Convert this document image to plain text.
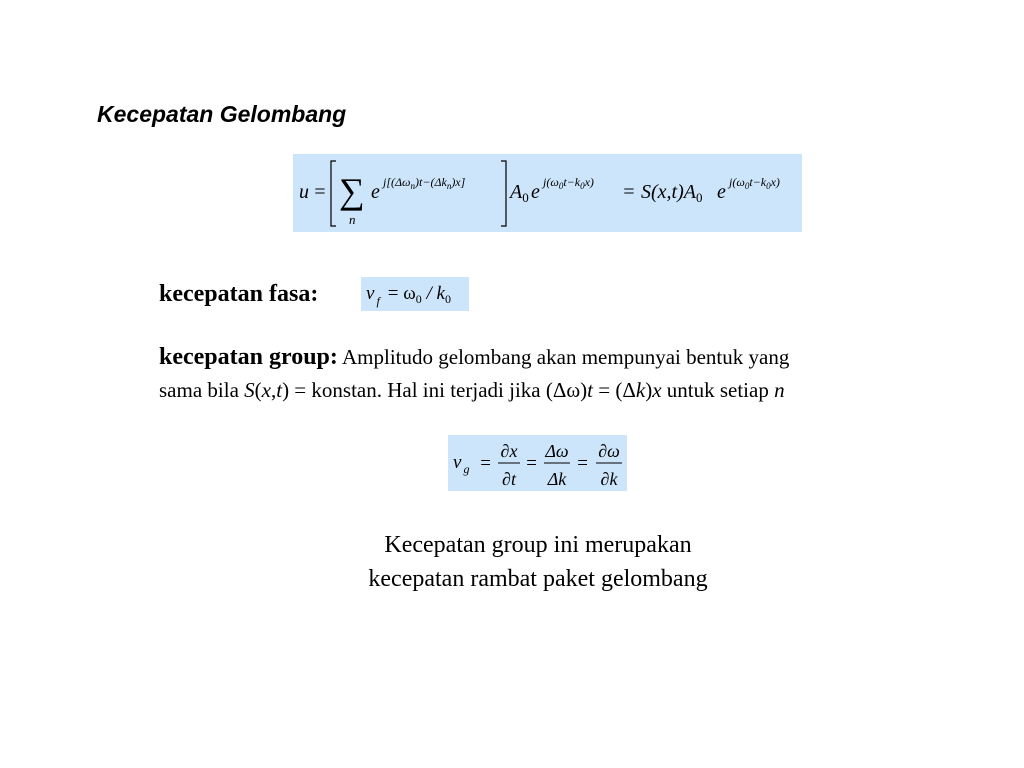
Kecepatan Gelombang
u = ∑
n
e $j[(\Delta\omega_n)t-(\Delta k_n)x]$ $A_0$ e $j(\omega_0t-k_0x) = S(x,t)A_0$ e $j(\omega_0t-k_0x)$
kecepatan fasa:	v $_f = \omega_0 / k_0$
kecepatan group: Amplitudo gelombang akan mempunyai bentuk yang
sama bila S(x,t) = konstan. Hal ini terjadi jika (Δω)t = (Δk)x untuk setiap n
v $_g$ =
∂x
∂t
=
Δω
Δk
=
∂ω
∂k
Kecepatan group ini merupakan
kecepatan rambat paket gelombang
